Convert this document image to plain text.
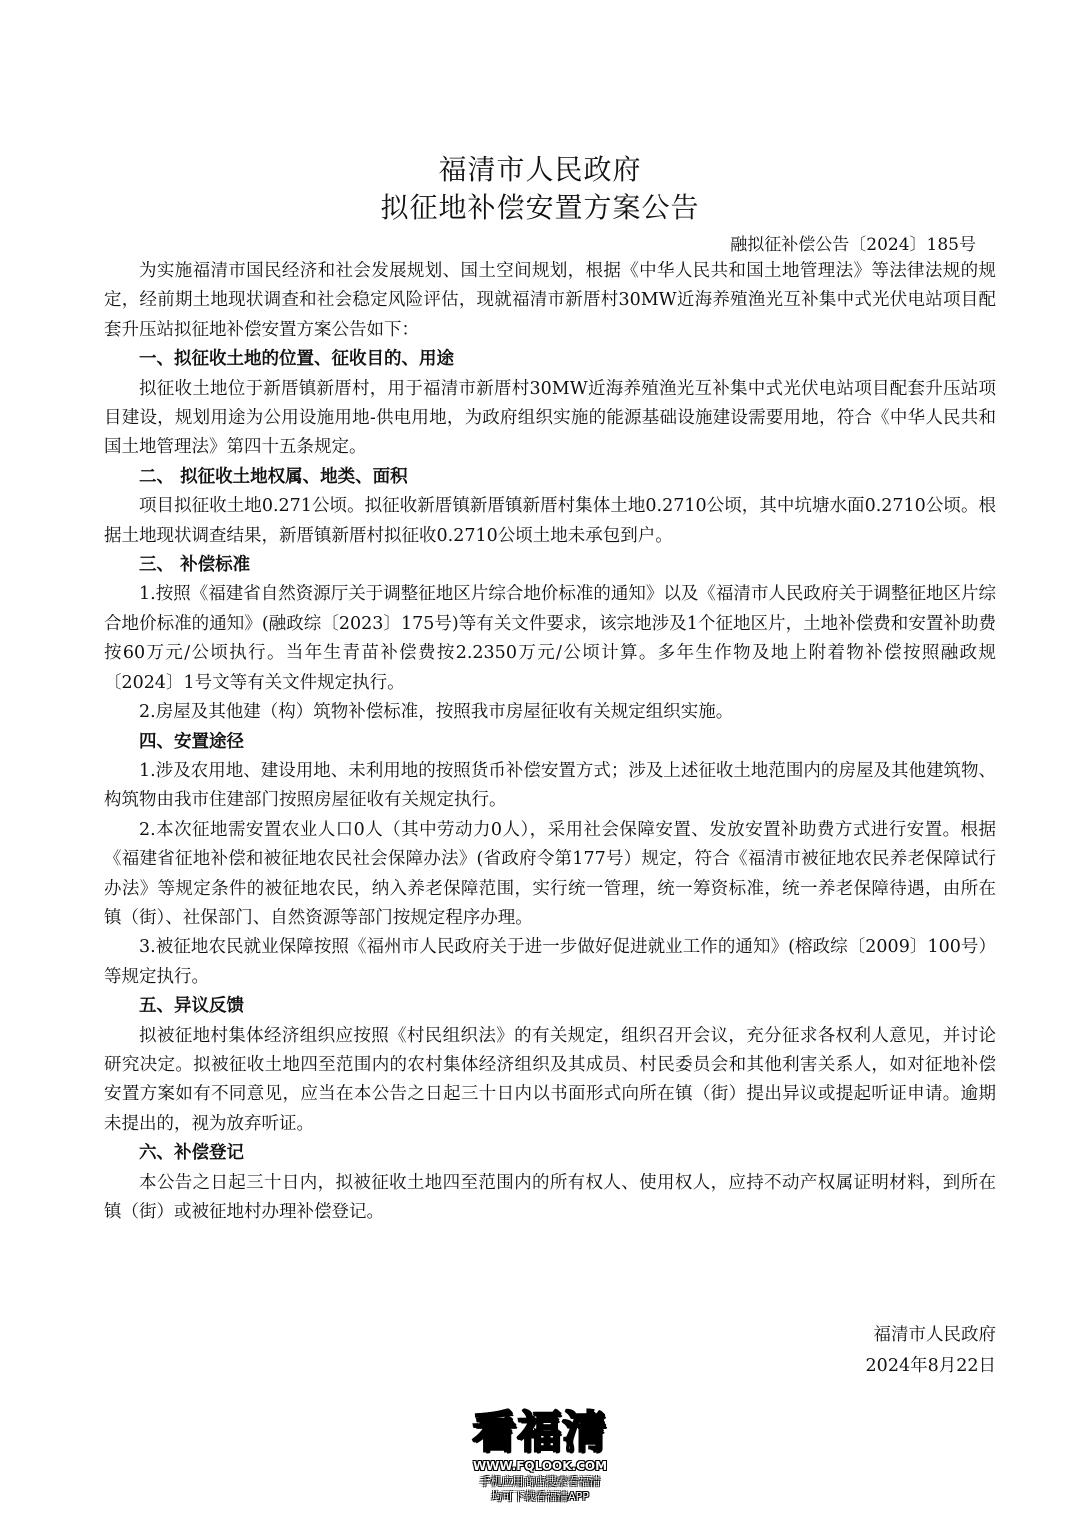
福清市人民政府
拟征地补偿安置方案公告
融拟征补偿公告〔2024〕185号

为实施福清市国民经济和社会发展规划、国土空间规划，根据《中华人民共和国土地管理法》等法律法规的规定，经前期土地现状调查和社会稳定风险评估，现就福清市新厝村30MW近海养殖渔光互补集中式光伏电站项目配套升压站拟征地补偿安置方案公告如下：

一、拟征收土地的位置、征收目的、用途

拟征收土地位于新厝镇新厝村，用于福清市新厝村30MW近海养殖渔光互补集中式光伏电站项目配套升压站项目建设，规划用途为公用设施用地-供电用地，为政府组织实施的能源基础设施建设需要用地，符合《中华人民共和国土地管理法》第四十五条规定。

二、 拟征收土地权属、地类、面积

项目拟征收土地0.271公顷。拟征收新厝镇新厝镇新厝村集体土地0.2710公顷，其中坑塘水面0.2710公顷。根据土地现状调查结果，新厝镇新厝村拟征收0.2710公顷土地未承包到户。

三、 补偿标准

1.按照《福建省自然资源厅关于调整征地区片综合地价标准的通知》以及《福清市人民政府关于调整征地区片综合地价标准的通知》(融政综〔2023〕175号)等有关文件要求，该宗地涉及1个征地区片，土地补偿费和安置补助费按60万元/公顷执行。当年生青苗补偿费按2.2350万元/公顷计算。多年生作物及地上附着物补偿按照融政规〔2024〕1号文等有关文件规定执行。

2.房屋及其他建（构）筑物补偿标准，按照我市房屋征收有关规定组织实施。

四、安置途径

1.涉及农用地、建设用地、未利用地的按照货币补偿安置方式；涉及上述征收土地范围内的房屋及其他建筑物、构筑物由我市住建部门按照房屋征收有关规定执行。

2.本次征地需安置农业人口0人（其中劳动力0人），采用社会保障安置、发放安置补助费方式进行安置。根据《福建省征地补偿和被征地农民社会保障办法》(省政府令第177号）规定，符合《福清市被征地农民养老保障试行办法》等规定条件的被征地农民，纳入养老保障范围，实行统一管理，统一筹资标准，统一养老保障待遇，由所在镇（街）、社保部门、自然资源等部门按规定程序办理。

3.被征地农民就业保障按照《福州市人民政府关于进一步做好促进就业工作的通知》(榕政综〔2009〕100号）等规定执行。

五、异议反馈

拟被征地村集体经济组织应按照《村民组织法》的有关规定，组织召开会议，充分征求各权利人意见，并讨论研究决定。拟被征收土地四至范围内的农村集体经济组织及其成员、村民委员会和其他利害关系人，如对征地补偿安置方案如有不同意见，应当在本公告之日起三十日内以书面形式向所在镇（街）提出异议或提起听证申请。逾期未提出的，视为放弃听证。

六、补偿登记

本公告之日起三十日内，拟被征收土地四至范围内的所有权人、使用权人，应持不动产权属证明材料，到所在镇（街）或被征地村办理补偿登记。

福清市人民政府
2024年8月22日
看福清
WWW.FQLOOK.COM
手机应用商店搜索看福清
均可下载看福清APP
